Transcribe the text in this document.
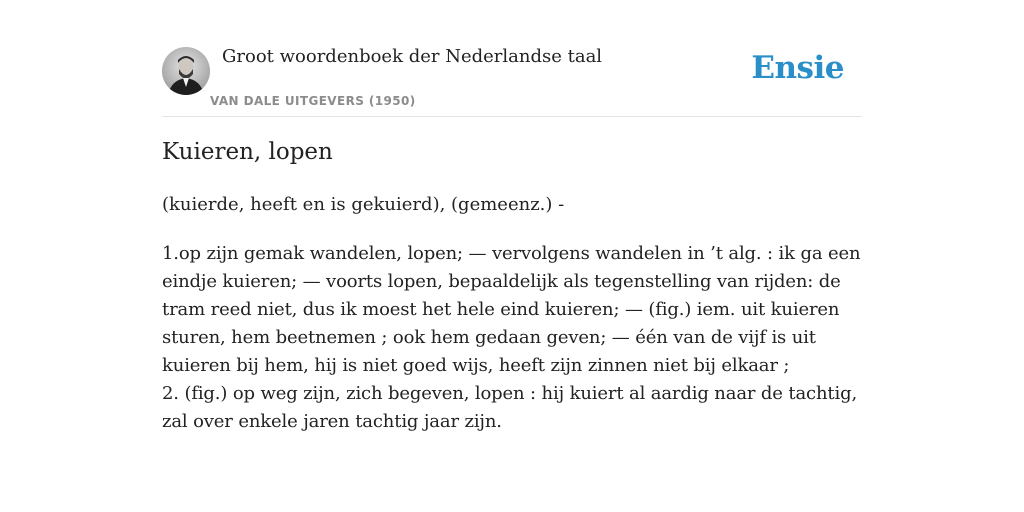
Groot woordenboek der Nederlandse taal
VAN DALE UITGEVERS (1950)
Ensie
Kuieren, lopen

(kuierde, heeft en is gekuierd), (gemeenz.) -

1.op zijn gemak wandelen, lopen; — vervolgens wandelen in ’t alg. : ik ga een eindje kuieren; — voorts lopen, bepaaldelijk als tegenstelling van rijden: de tram reed niet, dus ik moest het hele eind kuieren; — (fig.) iem. uit kuieren sturen, hem beetnemen ; ook hem gedaan geven; — één van de vijf is uit kuieren bij hem, hij is niet goed wijs, heeft zijn zinnen niet bij elkaar ;
2. (fig.) op weg zijn, zich begeven, lopen : hij kuiert al aardig naar de tachtig, zal over enkele jaren tachtig jaar zijn.
